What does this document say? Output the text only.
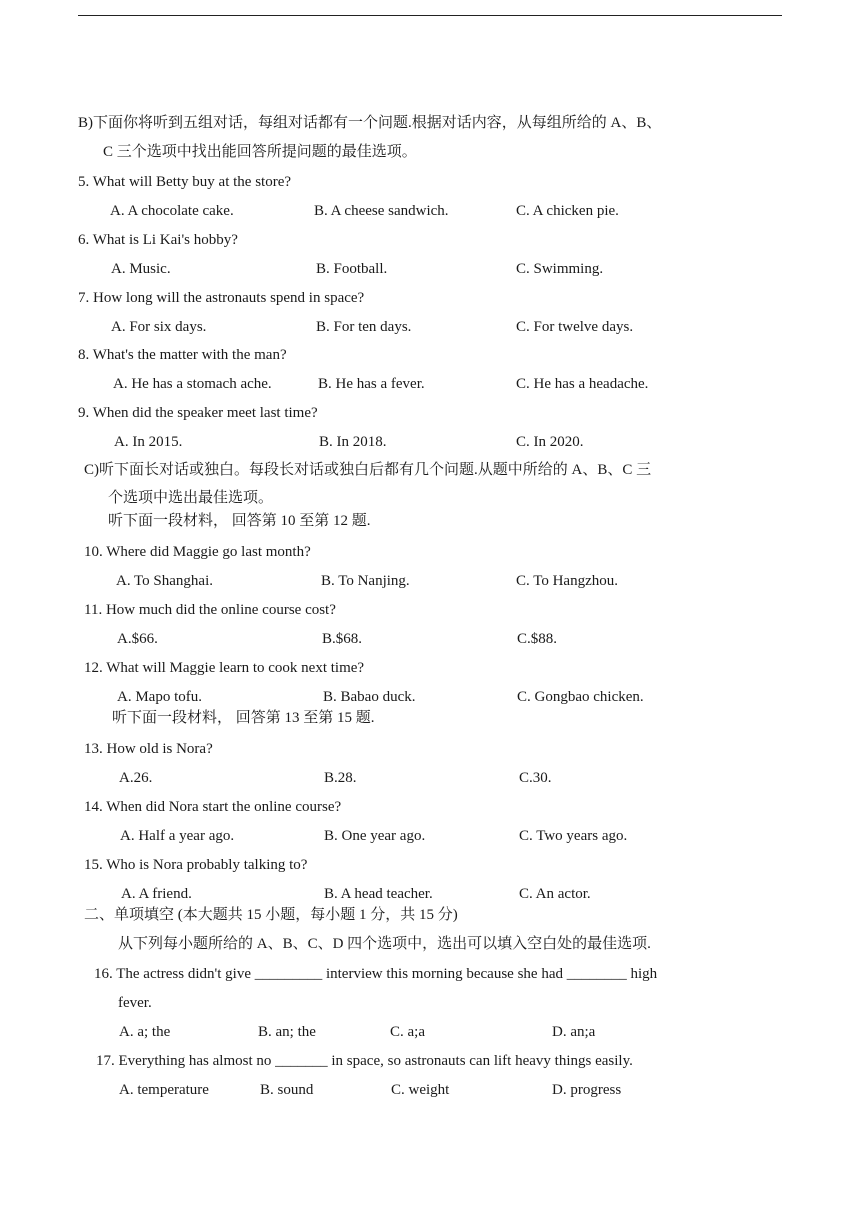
B)下面你将听到五组对话，每组对话都有一个问题.根据对话内容，从每组所给的 A、B、
C 三个选项中找出能回答所提问题的最佳选项。
5. What will Betty buy at the store?
A. A chocolate cake.	B. A cheese sandwich.	C. A chicken pie.
6. What is Li Kai's hobby?
A. Music.	B. Football.	C. Swimming.
7. How long will the astronauts spend in space?
A. For six days.	B. For ten days.	C. For twelve days.
8. What's the matter with the man?
A. He has a stomach ache.	B. He has a fever.	C. He has a headache.
9. When did the speaker meet last time?
A. In 2015.	B. In 2018.	C. In 2020.
C)听下面长对话或独白。每段长对话或独白后都有几个问题.从题中所给的 A、B、C 三
个选项中选出最佳选项。
听下面一段材料， 回答第 10 至第 12 题.
10. Where did Maggie go last month?
A. To Shanghai.	B. To Nanjing.	C. To Hangzhou.
11. How much did the online course cost?
A.$66.	B.$68.	C.$88.
12. What will Maggie learn to cook next time?
A. Mapo tofu.	B. Babao duck.	C. Gongbao chicken.
听下面一段材料， 回答第 13 至第 15 题.
13. How old is Nora?
A.26.	B.28.	C.30.
14. When did Nora start the online course?
A. Half a year ago.	B. One year ago.	C. Two years ago.
15. Who is Nora probably talking to?
A. A friend.	B. A head teacher.	C. An actor.
二、单项填空 (本大题共 15 小题，每小题 1 分，共 15 分)
从下列每小题所给的 A、B、C、D 四个选项中，选出可以填入空白处的最佳选项.
16. The actress didn't give _________ interview this morning because she had ________ high
fever.
A. a; the	B. an; the	C. a;a	D. an;a
17. Everything has almost no _______ in space, so astronauts can lift heavy things easily.
A. temperature	B. sound	C. weight	D. progress
